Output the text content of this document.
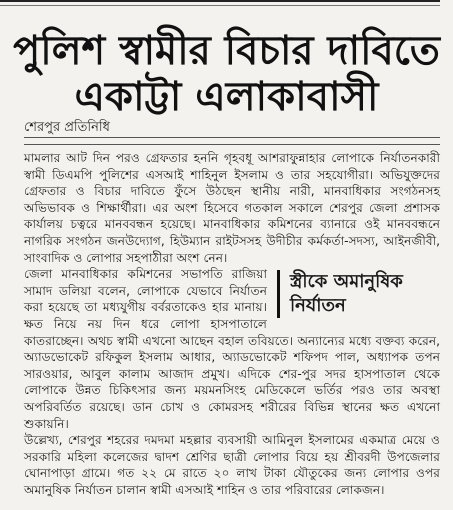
পুলিশ স্বামীর বিচার দাবিতে
একাট্টা এলাকাবাসী
শেরপুর প্রতিনিধি

মামলার আট দিন পরও গ্রেফতার হননি গৃহবধূ আশরাফুন্নাহার লোপাকে নির্যাতনকারী স্বামী ডিএমপি পুলিশের এসআই শাহিনুল ইসলাম ও তার সহযোগীরা। অভিযুক্তদের গ্রেফতার ও বিচার দাবিতে ফুঁসে উঠছেন স্থানীয় নারী, মানবাধিকার সংগঠনসহ অভিভাবক ও শিক্ষার্থীরা। এর অংশ হিসেবে গতকাল সকালে শেরপুর জেলা প্রশাসক কার্যালয় চত্বরে মানববন্ধন হয়েছে। মানবাধিকার কমিশনের ব্যানারে ওই মানববন্ধনে নাগরিক সংগঠন জনউদ্যোগ, হিউম্যান রাইটসসহ উদীচীর কর্মকর্তা-সদস্য, আইনজীবী, সাংবাদিক ও লোপার সহপাঠীরা অংশ নেন।

স্ত্রীকে অমানুষিক নির্যাতন

জেলা মানবাধিকার কমিশনের সভাপতি রাজিয়া সামাদ ডলিয়া বলেন, লোপাকে যেভাবে নির্যাতন করা হয়েছে তা মধ্যযুগীয় বর্বরতাকেও হার মানায়। ক্ষত নিয়ে নয় দিন ধরে লোপা হাসপাতালে কাতরাচ্ছেন। অথচ স্বামী এখনো আছেন বহাল তবিয়তে। অন্যান্যের মধ্যে বক্তব্য করেন, অ্যাডভোকেট রফিকুল ইসলাম আধার, অ্যাডভোকেট শফিপদ পাল, অধ্যাপক তপন সারওয়ার, আবুল কালাম আজাদ প্রমুখ। এদিকে শের-পুর সদর হাসপাতাল থেকে লোপাকে উন্নত চিকিৎসার জন্য ময়মনসিংহ মেডিকেলে ভর্তির পরও তার অবস্থা অপরিবর্তিত রয়েছে। ডান চোখ ও কোমরসহ শরীরের বিভিন্ন স্থানের ক্ষত এখনো শুকায়নি।

উল্লেখ্য, শেরপুর শহরের দমদমা মহল্লার ব্যবসায়ী আমিনুল ইসলামের একমাত্র মেয়ে ও সরকারি মহিলা কলেজের দ্বাদশ শ্রেণির ছাত্রী লোপার বিয়ে হয় শ্রীবরদী উপজেলার ঘোনাপাড়া গ্রামে। গত ২২ মে রাতে ২০ লাখ টাকা যৌতুকের জন্য লোপার ওপর অমানুষিক নির্যাতন চালান স্বামী এসআই শাহিন ও তার পরিবারের লোকজন।
